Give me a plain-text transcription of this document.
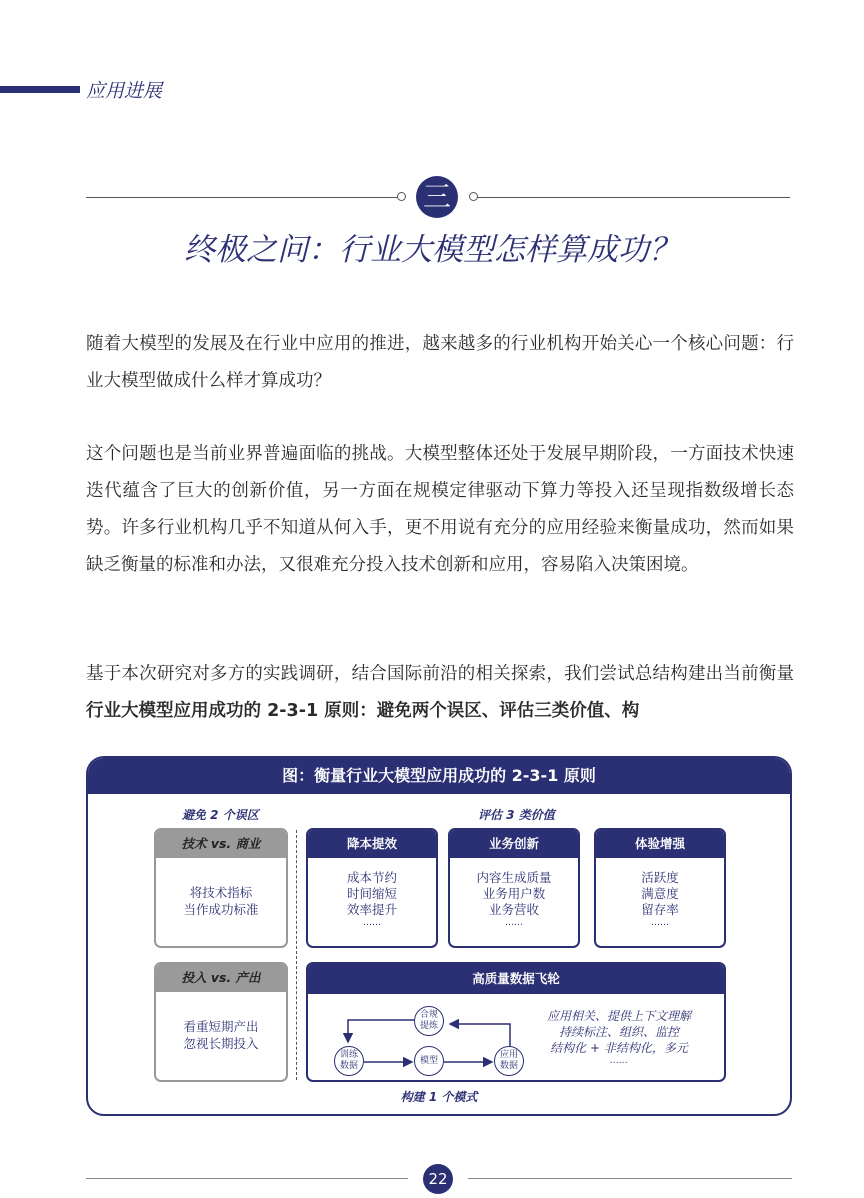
应用进展
三
终极之问：行业大模型怎样算成功？
随着大模型的发展及在行业中应用的推进，越来越多的行业机构开始关心一个核心问题：行业大模型做成什么样才算成功？
这个问题也是当前业界普遍面临的挑战。大模型整体还处于发展早期阶段，一方面技术快速迭代蕴含了巨大的创新价值，另一方面在规模定律驱动下算力等投入还呈现指数级增长态势。许多行业机构几乎不知道从何入手，更不用说有充分的应用经验来衡量成功，然而如果缺乏衡量的标准和办法，又很难充分投入技术创新和应用，容易陷入决策困境。
基于本次研究对多方的实践调研，结合国际前沿的相关探索，我们尝试总结构建出当前衡量行业大模型应用成功的 2-3-1 原则：避免两个误区、评估三类价值、构
图：衡量行业大模型应用成功的 2-3-1 原则
避免 2 个误区	评估 3 类价值
技术 vs. 商业
将技术指标
当作成功标准
投入 vs. 产出
看重短期产出
忽视长期投入
降本提效
成本节约
时间缩短
效率提升
……
业务创新
内容生成质量
业务用户数
业务营收
……
体验增强
活跃度
满意度
留存率
……
高质量数据飞轮
合规
提炼
训练
数据
模型
应用
数据
应用相关、提供上下文理解
持续标注、组织、监控
结构化 + 非结构化，多元
……
构建 1 个模式
22
